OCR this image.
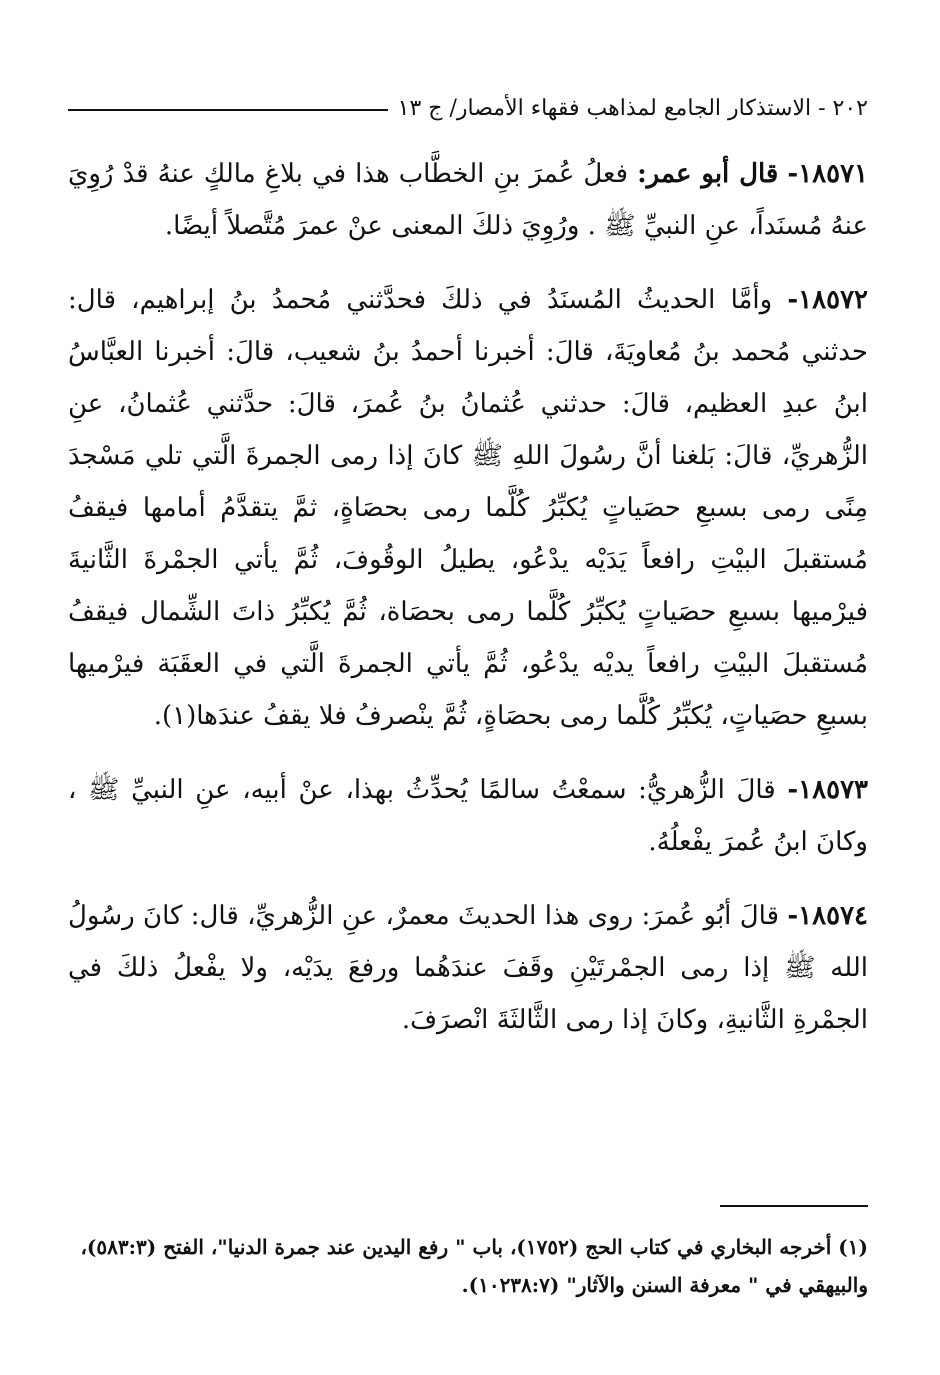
٢٠٢ - الاستذكار الجامع لمذاهب فقهاء الأمصار/ ج ١٣

١٨٥٧١- قال أبو عمر: فعلُ عُمرَ بنِ الخطَّاب هذا في بلاغِ مالكٍ عنهُ قدْ رُوِيَ عنهُ مُسنَداً، عنِ النبيِّ ﷺ . ورُوِيَ ذلكَ المعنى عنْ عمرَ مُتَّصلاً أيضًا.

١٨٥٧٢- وأمَّا الحديثُ المُسنَدُ في ذلكَ فحدَّثني مُحمدُ بنُ إبراهيم، قال: حدثني مُحمد بنُ مُعاويَةَ، قالَ: أخبرنا أحمدُ بنُ شعيب، قالَ: أخبرنا العبَّاسُ ابنُ عبدِ العظيم، قالَ: حدثني عُثمانُ بنُ عُمرَ، قالَ: حدَّثني عُثمانُ، عنِ الزُّهريِّ، قالَ: بَلغنا أنَّ رسُولَ اللهِ ﷺ كانَ إذا رمى الجمرةَ الَّتي تلي مَسْجدَ مِنًى رمى بسبعِ حصَياتٍ يُكبِّرُ كُلَّما رمى بحصَاةٍ، ثمَّ يتقدَّمُ أمامها فيقفُ مُستقبلَ البيْتِ رافعاً يَدَيْه يدْعُو، يطيلُ الوقُوفَ، ثُمَّ يأتي الجمْرةَ الثَّانيةَ فيرْميها بسبعِ حصَياتٍ يُكبِّرُ كُلَّما رمى بحصَاة، ثُمَّ يُكبِّرُ ذاتَ الشِّمال فيقفُ مُستقبلَ البيْتِ رافعاً يديْه يدْعُو، ثُمَّ يأتي الجمرةَ الَّتي في العقَبَة فيرْميها بسبعِ حصَياتٍ، يُكبِّرُ كُلَّما رمى بحصَاةٍ، ثُمَّ ينْصرفُ فلا يقفُ عندَها(١).

١٨٥٧٣- قالَ الزُّهريُّ: سمعْتُ سالمًا يُحدِّثُ بهذا، عنْ أبيه، عنِ النبيِّ ﷺ ، وكانَ ابنُ عُمرَ يفْعلُهُ.

١٨٥٧٤- قالَ أبُو عُمرَ: روى هذا الحديثَ معمرٌ، عنِ الزُّهريِّ، قال: كانَ رسُولُ الله ﷺ إذا رمى الجمْرتَيْنِ وقَفَ عندَهُما ورفعَ يدَيْه، ولا يفْعلُ ذلكَ في الجمْرةِ الثَّانيةِ، وكانَ إذا رمى الثَّالثَةَ انْصرَفَ.

(١) أخرجه البخاري في كتاب الحج (١٧٥٢)، باب " رفع اليدين عند جمرة الدنيا"، الفتح (٥٨٣:٣)، والبيهقي في " معرفة السنن والآثار" (١٠٢٣٨:٧).
